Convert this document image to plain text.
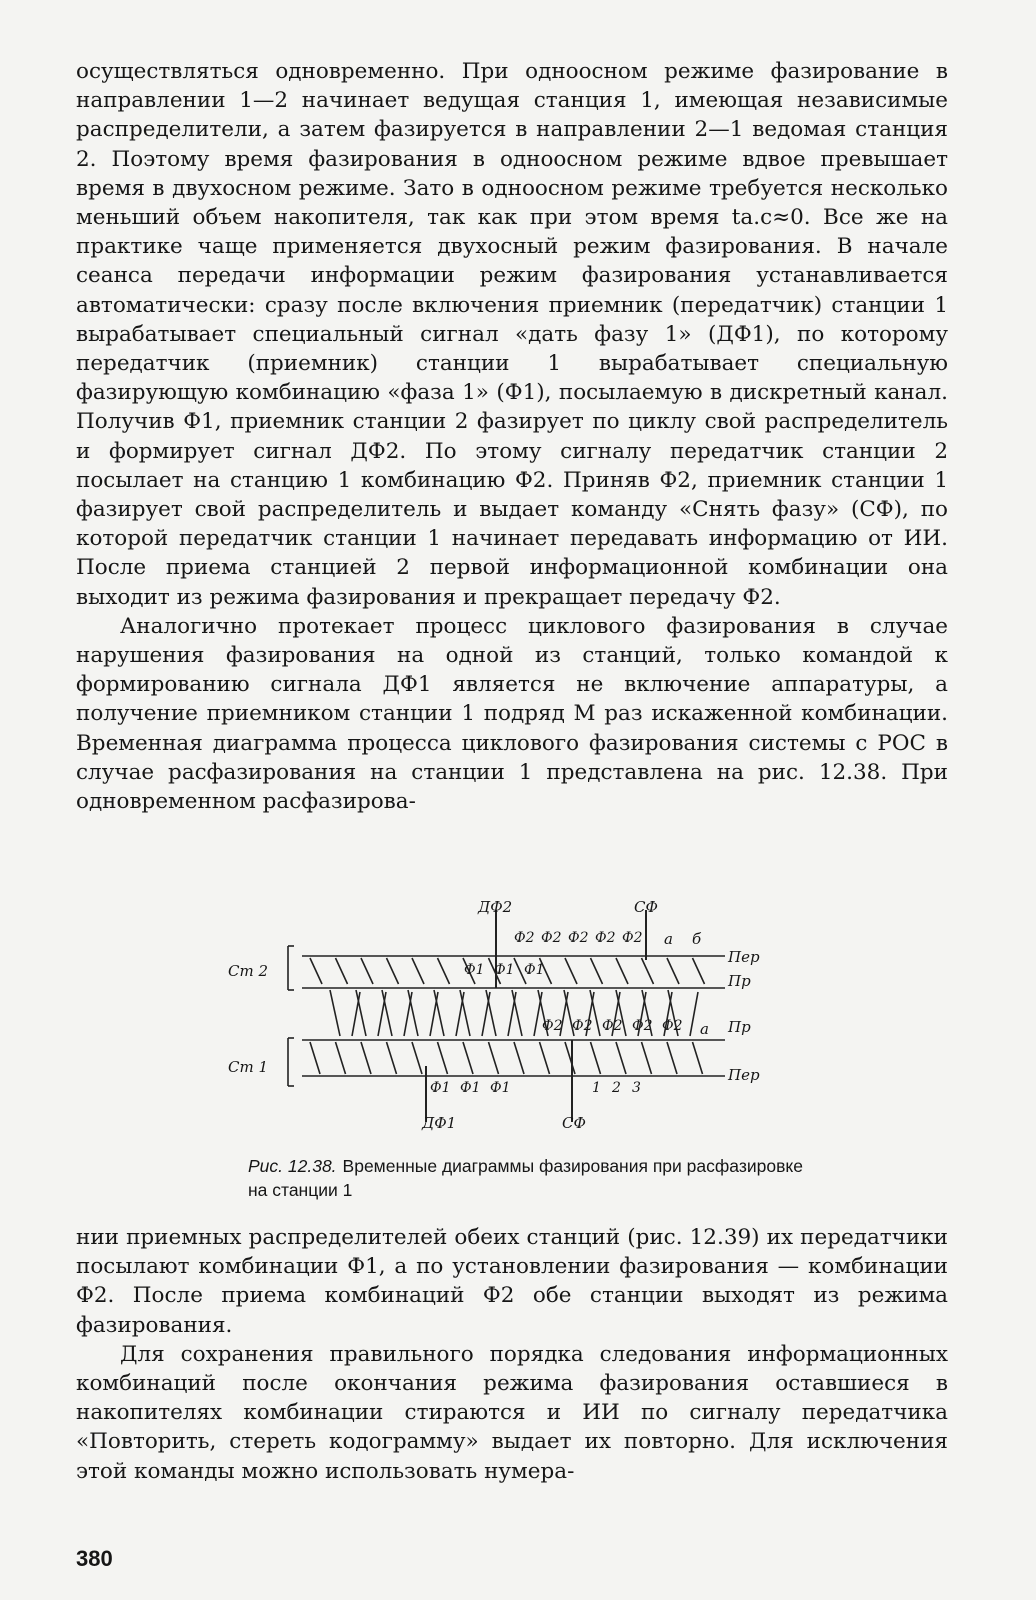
осуществляться одновременно. При одноосном режиме фазирование в направлении 1—2 начинает ведущая станция 1, имеющая независимые распределители, а затем фазируется в направлении 2—1 ведомая станция 2. Поэтому время фазирования в одноосном режиме вдвое превышает время в двухосном режиме. Зато в одноосном режиме требуется несколько меньший объем накопителя, так как при этом время tа.с≈0. Все же на практике чаще применяется двухосный режим фазирования. В начале сеанса передачи информации режим фазирования устанавливается автоматически: сразу после включения приемник (передатчик) станции 1 вырабатывает специальный сигнал «дать фазу 1» (ДФ1), по которому передатчик (приемник) станции 1 вырабатывает специальную фазирующую комбинацию «фаза 1» (Ф1), посылаемую в дискретный канал. Получив Ф1, приемник станции 2 фазирует по циклу свой распределитель и формирует сигнал ДФ2. По этому сигналу передатчик станции 2 посылает на станцию 1 комбинацию Ф2. Приняв Ф2, приемник станции 1 фазирует свой распределитель и выдает команду «Снять фазу» (СФ), по которой передатчик станции 1 начинает передавать информацию от ИИ. После приема станцией 2 первой информационной комбинации она выходит из режима фазирования и прекращает передачу Ф2.

Аналогично протекает процесс циклового фазирования в случае нарушения фазирования на одной из станций, только командой к формированию сигнала ДФ1 является не включение аппаратуры, а получение приемником станции 1 подряд M раз искаженной комбинации. Временная диаграмма процесса циклового фазирования системы с РОС в случае расфазирования на станции 1 представлена на рис. 12.38. При одновременном расфазирова-

ДФ2	СФ
Ст 2
Ст 1
Пер
Пр
Пр
Пер
ДФ1	СФ
а б
а
Ф2 Ф2 Ф2 Ф2 Ф2
Ф1 Ф1 Ф1
Ф2 Ф2 Ф2 Ф2 Ф2
Ф1 Ф1 Ф1	1 2 3
Рис. 12.38. Временные диаграммы фазирования при расфазировке на станции 1

нии приемных распределителей обеих станций (рис. 12.39) их передатчики посылают комбинации Ф1, а по установлении фазирования — комбинации Ф2. После приема комбинаций Ф2 обе станции выходят из режима фазирования.

Для сохранения правильного порядка следования информационных комбинаций после окончания режима фазирования оставшиеся в накопителях комбинации стираются и ИИ по сигналу передатчика «Повторить, стереть кодограмму» выдает их повторно. Для исключения этой команды можно использовать нумера-

380
